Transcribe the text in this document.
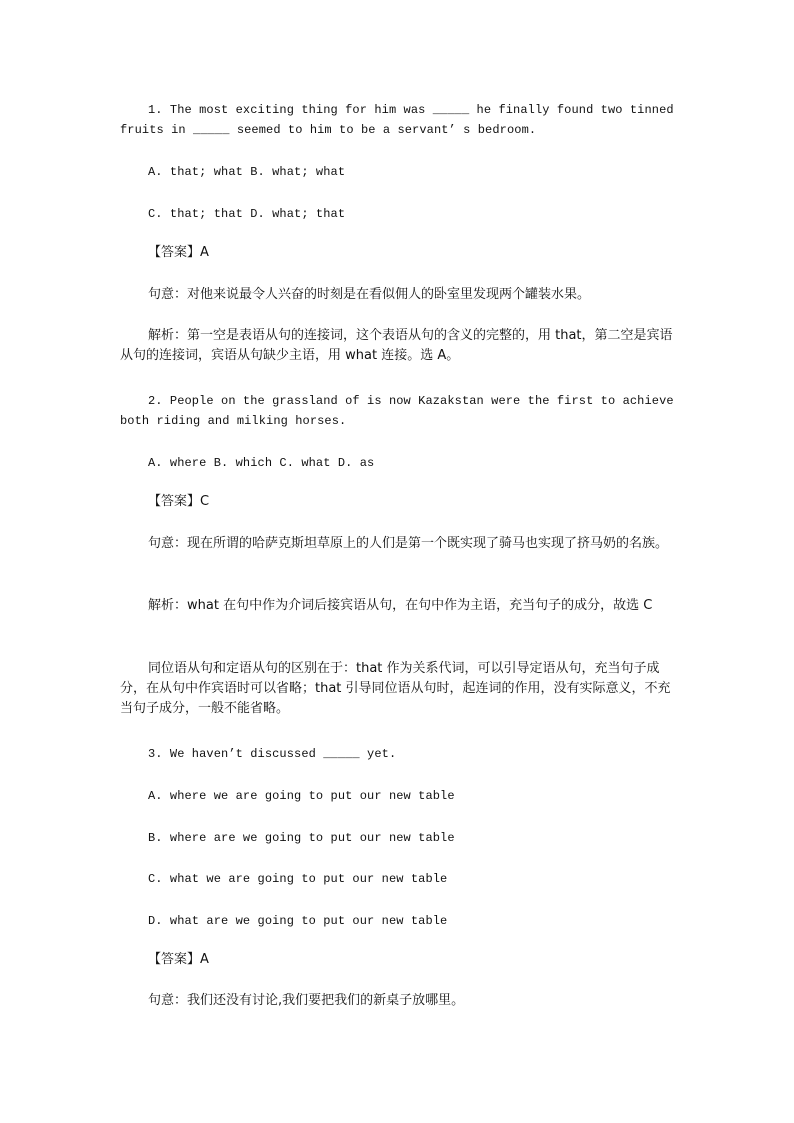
1. The most exciting thing for him was _____ he finally found two tinned fruits in _____ seemed to him to be a servant’ s bedroom.
A. that; what B. what; what
C. that; that D. what; that
【答案】A
句意：对他来说最令人兴奋的时刻是在看似佣人的卧室里发现两个罐装水果。
解析：第一空是表语从句的连接词，这个表语从句的含义的完整的，用 that，第二空是宾语从句的连接词，宾语从句缺少主语，用 what 连接。选 A。
2. People on the grassland of is now Kazakstan were the first to achieve both riding and milking horses.
A. where B. which C. what D. as
【答案】C
句意：现在所谓的哈萨克斯坦草原上的人们是第一个既实现了骑马也实现了挤马奶的名族。
解析：what 在句中作为介词后接宾语从句，在句中作为主语，充当句子的成分，故选 C
同位语从句和定语从句的区别在于：that 作为关系代词，可以引导定语从句，充当句子成分，在从句中作宾语时可以省略；that 引导同位语从句时，起连词的作用，没有实际意义，不充当句子成分，一般不能省略。
3. We haven’t discussed _____ yet.
A. where we are going to put our new table
B. where are we going to put our new table
C. what we are going to put our new table
D. what are we going to put our new table
【答案】A
句意：我们还没有讨论,我们要把我们的新桌子放哪里。
